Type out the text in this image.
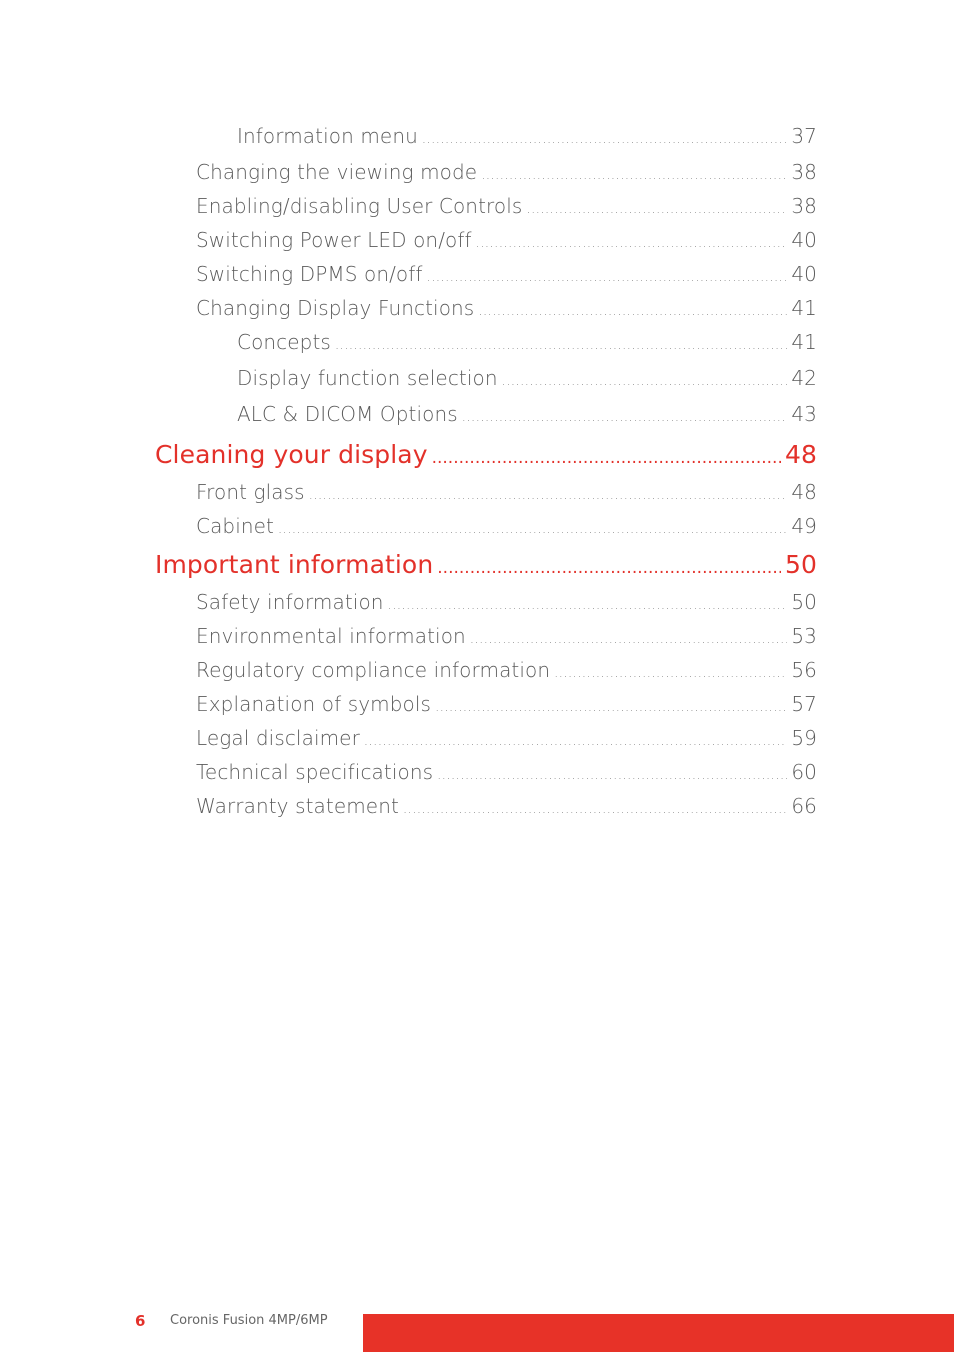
Information menu .....	37
Changing the viewing mode .....	38
Enabling/disabling User Controls .....	38
Switching Power LED on/off .....	40
Switching DPMS on/off .....	40
Changing Display Functions .....	41
Concepts .....	41
Display function selection .....	42
ALC & DICOM Options .....	43
Cleaning your display .....	48
Front glass .....	48
Cabinet .....	49
Important information .....	50
Safety information .....	50
Environmental information .....	53
Regulatory compliance information .....	56
Explanation of symbols .....	57
Legal disclaimer .....	59
Technical specifications .....	60
Warranty statement .....	66
6 Coronis Fusion 4MP/6MP
